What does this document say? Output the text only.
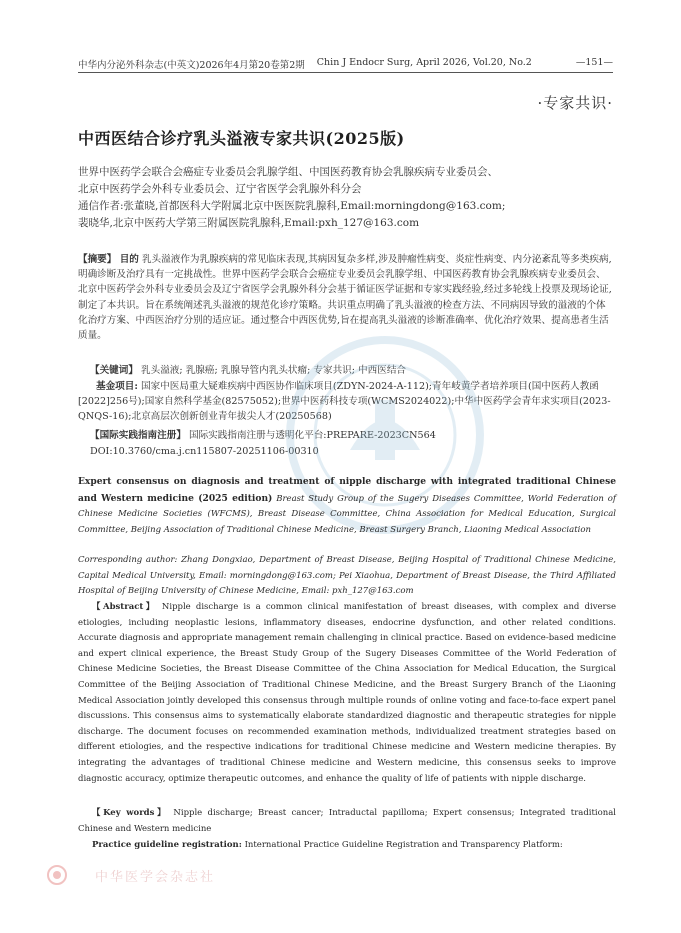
中华内分泌外科杂志(中英文)2026年4月第20卷第2期 Chin J Endocr Surg, April 2026, Vol.20, No.2	—151—
·专家共识·
中西医结合诊疗乳头溢液专家共识(2025版)
世界中医药学会联合会癌症专业委员会乳腺学组、中国医药教育协会乳腺疾病专业委员会、
北京中医药学会外科专业委员会、辽宁省医学会乳腺外科分会
通信作者:张董晓,首都医科大学附属北京中医医院乳腺科,Email:morningdong@163.com;
裴晓华,北京中医药大学第三附属医院乳腺科,Email:pxh_127@163.com
【摘要】 目的 乳头溢液作为乳腺疾病的常见临床表现,其病因复杂多样,涉及肿瘤性病变、炎症性病变、内分泌紊乱等多类疾病,明确诊断及治疗具有一定挑战性。世界中医药学会联合会癌症专业委员会乳腺学组、中国医药教育协会乳腺疾病专业委员会、北京中医药学会外科专业委员会及辽宁省医学会乳腺外科分会基于循证医学证据和专家实践经验,经过多轮线上投票及现场论证,制定了本共识。旨在系统阐述乳头溢液的规范化诊疗策略。共识重点明确了乳头溢液的检查方法、不同病因导致的溢液的个体化治疗方案、中西医治疗分别的适应证。通过整合中西医优势,旨在提高乳头溢液的诊断准确率、优化治疗效果、提高患者生活质量。
【关键词】 乳头溢液; 乳腺癌; 乳腺导管内乳头状瘤; 专家共识; 中西医结合
基金项目: 国家中医局重大疑难疾病中西医协作临床项目(ZDYN-2024-A-112);青年岐黄学者培养项目(国中医药人教函[2022]256号);国家自然科学基金(82575052);世界中医药科技专项(WCMS2024022);中华中医药学会青年求实项目(2023-QNQS-16);北京高层次创新创业青年拔尖人才(20250568)
【国际实践指南注册】 国际实践指南注册与透明化平台:PREPARE-2023CN564
DOI:10.3760/cma.j.cn115807-20251106-00310
Expert consensus on diagnosis and treatment of nipple discharge with integrated traditional Chinese and Western medicine (2025 edition) Breast Study Group of the Sugery Diseases Committee, World Federation of Chinese Medicine Societies (WFCMS), Breast Disease Committee, China Association for Medical Education, Surgical Committee, Beijing Association of Traditional Chinese Medicine, Breast Surgery Branch, Liaoning Medical Association
Corresponding author: Zhang Dongxiao, Department of Breast Disease, Beijing Hospital of Traditional Chinese Medicine, Capital Medical University, Email: morningdong@163.com; Pei Xiaohua, Department of Breast Disease, the Third Affiliated Hospital of Beijing University of Chinese Medicine, Email: pxh_127@163.com
【Abstract】 Nipple discharge is a common clinical manifestation of breast diseases, with complex and diverse etiologies, including neoplastic lesions, inflammatory diseases, endocrine dysfunction, and other related conditions. Accurate diagnosis and appropriate management remain challenging in clinical practice. Based on evidence-based medicine and expert clinical experience, the Breast Study Group of the Sugery Diseases Committee of the World Federation of Chinese Medicine Societies, the Breast Disease Committee of the China Association for Medical Education, the Surgical Committee of the Beijing Association of Traditional Chinese Medicine, and the Breast Surgery Branch of the Liaoning Medical Association jointly developed this consensus through multiple rounds of online voting and face-to-face expert panel discussions. This consensus aims to systematically elaborate standardized diagnostic and therapeutic strategies for nipple discharge. The document focuses on recommended examination methods, individualized treatment strategies based on different etiologies, and the respective indications for traditional Chinese medicine and Western medicine therapies. By integrating the advantages of traditional Chinese medicine and Western medicine, this consensus seeks to improve diagnostic accuracy, optimize therapeutic outcomes, and enhance the quality of life of patients with nipple discharge.
【Key words】 Nipple discharge; Breast cancer; Intraductal papilloma; Expert consensus; Integrated traditional Chinese and Western medicine
Practice guideline registration: International Practice Guideline Registration and Transparency Platform:
中华医学会杂志社
